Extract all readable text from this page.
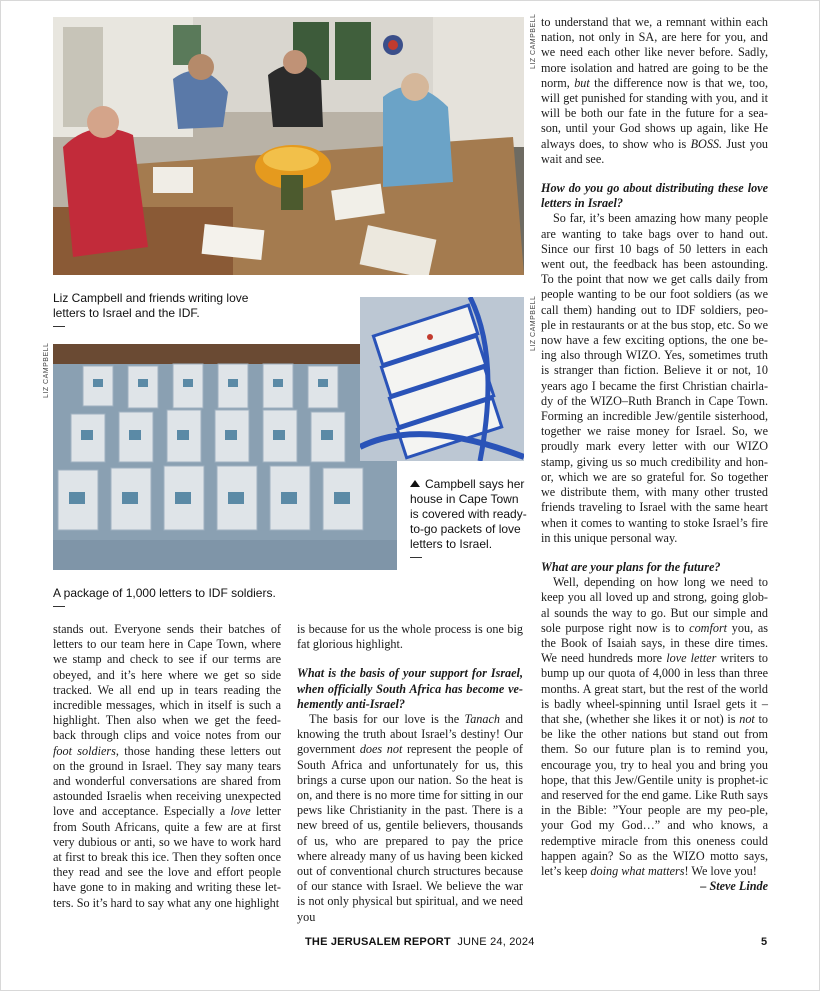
LIZ CAMPBELL
Liz Campbell and friends writing love letters to Israel and the IDF.
LIZ CAMPBELL
LIZ CAMPBELL
Campbell says her house in Cape Town is covered with ready-to-go packets of love letters to Israel.
A package of 1,000 letters to IDF soldiers.

stands out. Everyone sends their batches of letters to our team here in Cape Town, where we stamp and check to see if our terms are obeyed, and it’s here where we get so side tracked. We all end up in tears reading the incredible messages, which in itself is such a highlight. Then also when we get the feed-back through clips and voice notes from our foot soldiers, those handing these letters out on the ground in Israel. They say many tears and wonderful conversations are shared from astounded Israelis when receiving unexpected love and acceptance. Especially a love letter from South Africans, quite a few are at first very dubious or anti, so we have to work hard at first to break this ice. Then they soften once they read and see the love and effort people have gone to in making and writing these let-ters. So it’s hard to say what any one highlight

is because for us the whole process is one big fat glorious highlight.

What is the basis of your support for Israel, when officially South Africa has become ve-hemently anti-Israel?

The basis for our love is the Tanach and knowing the truth about Israel’s destiny! Our government does not represent the people of South Africa and unfortunately for us, this brings a curse upon our nation. So the heat is on, and there is no more time for sitting in our pews like Christianity in the past. There is a new breed of us, gentile believers, thousands of us, who are prepared to pay the price where already many of us having been kicked out of conventional church structures because of our stance with Israel. We believe the war is not only physical but spiritual, and we need you

to understand that we, a remnant within each nation, not only in SA, are here for you, and we need each other like never before. Sadly, more isolation and hatred are going to be the norm, but the difference now is that we, too, will get punished for standing with you, and it will be both our fate in the future for a sea-son, until your God shows up again, like He always does, to show who is BOSS. Just you wait and see.

How do you go about distributing these love letters in Israel?

So far, it’s been amazing how many people are wanting to take bags over to hand out. Since our first 10 bags of 50 letters in each went out, the feedback has been astounding. To the point that now we get calls daily from people wanting to be our foot soldiers (as we call them) handing out to IDF soldiers, peo-ple in restaurants or at the bus stop, etc. So we now have a few exciting options, the one be-ing also through WIZO. Yes, sometimes truth is stranger than fiction. Believe it or not, 10 years ago I became the first Christian chairla-dy of the WIZO–Ruth Branch in Cape Town. Forming an incredible Jew/gentile sisterhood, together we raise money for Israel. So, we proudly mark every letter with our WIZO stamp, giving us so much credibility and hon-or, which we are so grateful for. So together we distribute them, with many other trusted friends traveling to Israel with the same heart when it comes to wanting to stoke Israel’s fire in this unique personal way.

What are your plans for the future?

Well, depending on how long we need to keep you all loved up and strong, going glob-al sounds the way to go. But our simple and sole purpose right now is to comfort you, as the Book of Isaiah says, in these dire times. We need hundreds more love letter writers to bump up our quota of 4,000 in less than three months. A great start, but the rest of the world is badly wheel-spinning until Israel gets it – that she, (whether she likes it or not) is not to be like the other nations but stand out from them. So our future plan is to remind you, encourage you, try to heal you and bring you hope, that this Jew/Gentile unity is prophet-ic and reserved for the end game. Like Ruth says in the Bible: ”Your people are my peo-ple, your God my God…” and who knows, a redemptive miracle from this oneness could happen again? So as the WIZO motto says, let’s keep doing what matters! We love you!

– Steve Linde

THE JERUSALEM REPORT JUNE 24, 2024	5
